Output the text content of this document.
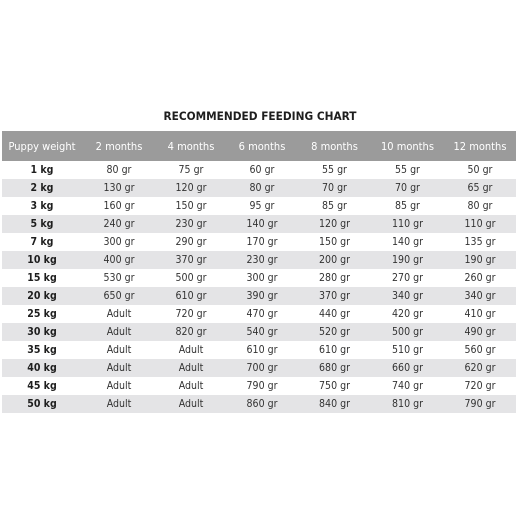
RECOMMENDED FEEDING CHART
Puppy weight	2 months	4 months	6 months	8 months	10 months	12 months
1 kg	80 gr	75 gr	60 gr	55 gr	55 gr	50 gr
2 kg	130 gr	120 gr	80 gr	70 gr	70 gr	65 gr
3 kg	160 gr	150 gr	95 gr	85 gr	85 gr	80 gr
5 kg	240 gr	230 gr	140 gr	120 gr	110 gr	110 gr
7 kg	300 gr	290 gr	170 gr	150 gr	140 gr	135 gr
10 kg	400 gr	370 gr	230 gr	200 gr	190 gr	190 gr
15 kg	530 gr	500 gr	300 gr	280 gr	270 gr	260 gr
20 kg	650 gr	610 gr	390 gr	370 gr	340 gr	340 gr
25 kg	Adult	720 gr	470 gr	440 gr	420 gr	410 gr
30 kg	Adult	820 gr	540 gr	520 gr	500 gr	490 gr
35 kg	Adult	Adult	610 gr	610 gr	510 gr	560 gr
40 kg	Adult	Adult	700 gr	680 gr	660 gr	620 gr
45 kg	Adult	Adult	790 gr	750 gr	740 gr	720 gr
50 kg	Adult	Adult	860 gr	840 gr	810 gr	790 gr
